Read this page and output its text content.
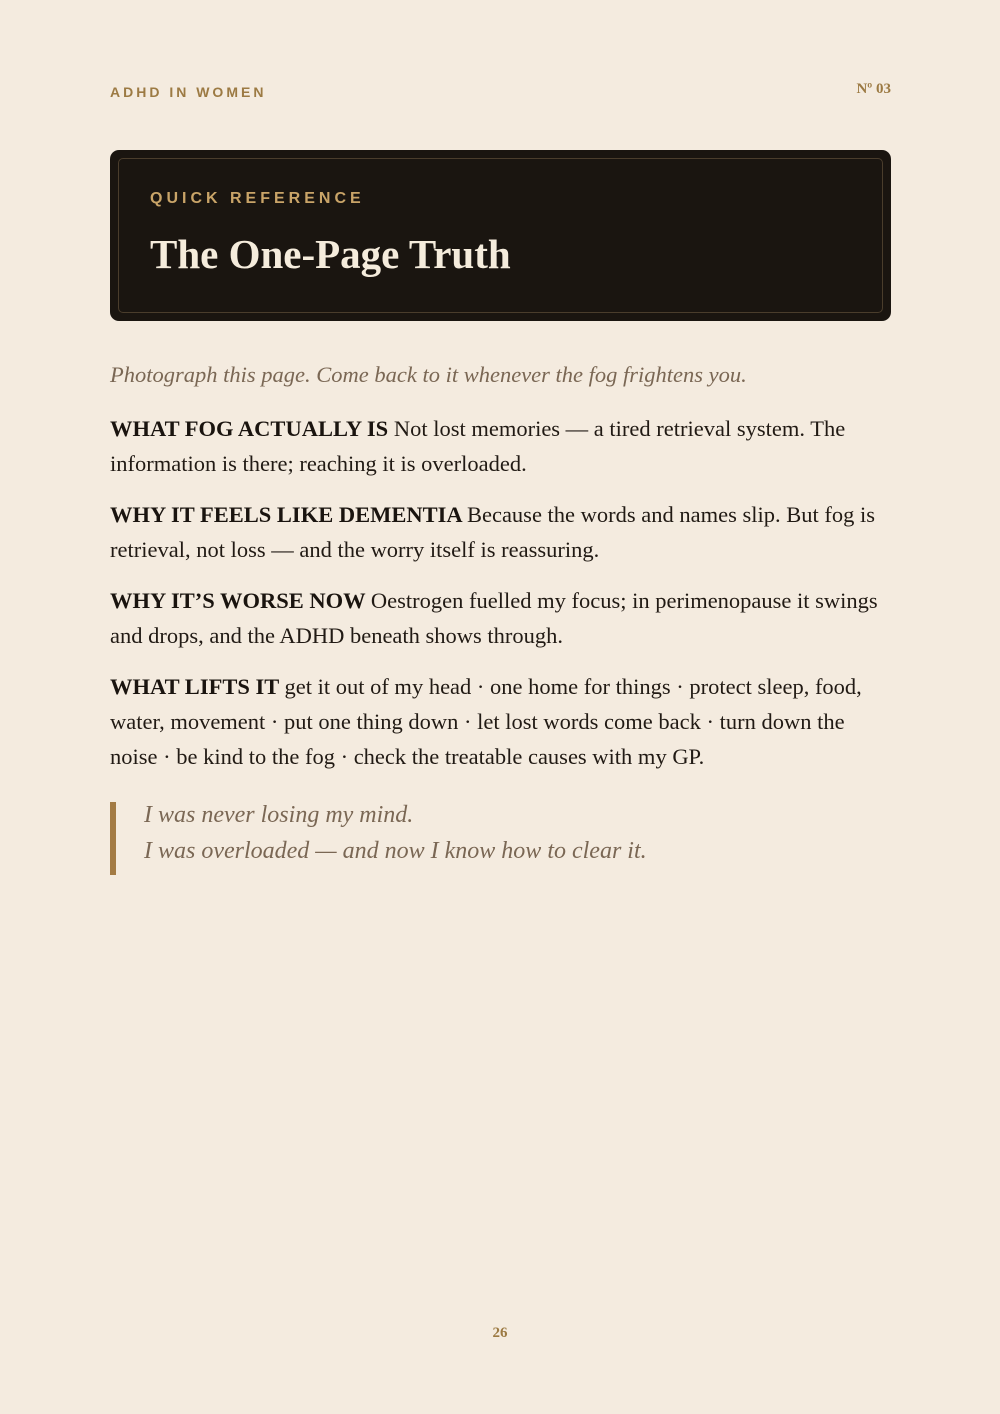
ADHD IN WOMEN	Nº 03
QUICK REFERENCE
The One-Page Truth
Photograph this page. Come back to it whenever the fog frightens you.
WHAT FOG ACTUALLY IS Not lost memories — a tired retrieval system. The information is there; reaching it is overloaded.
WHY IT FEELS LIKE DEMENTIA Because the words and names slip. But fog is retrieval, not loss — and the worry itself is reassuring.
WHY IT’S WORSE NOW Oestrogen fuelled my focus; in perimenopause it swings and drops, and the ADHD beneath shows through.
WHAT LIFTS IT get it out of my head · one home for things · protect sleep, food, water, movement · put one thing down · let lost words come back · turn down the noise · be kind to the fog · check the treatable causes with my GP.

I was never losing my mind.

I was overloaded — and now I know how to clear it.

26
